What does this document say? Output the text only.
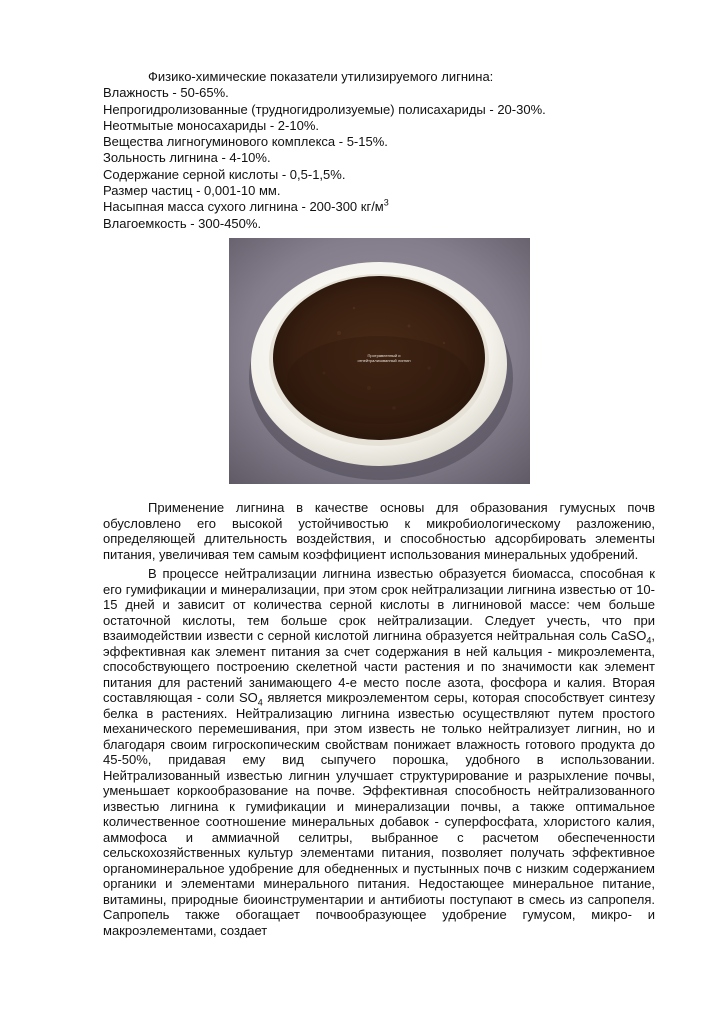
Физико-химические показатели утилизируемого лигнина:
Влажность - 50-65%.
Непрогидролизованные (трудногидролизуемые) полисахариды - 20-30%.
Неотмытые моносахариды - 2-10%.
Вещества лигногуминового комплекса - 5-15%.
Зольность лигнина - 4-10%.
Содержание серной кислоты - 0,5-1,5%.
Размер частиц - 0,001-10 мм.
Насыпная масса сухого лигнина - 200-300 $кг/м^3$
Влагоемкость - 300-450%.
Протравленный и отнейтрализованный лигнин

Применение лигнина в качестве основы для образования гумусных почв обусловлено его высокой устойчивостью к микробиологическому разложению, определяющей длительность воздействия, и способностью адсорбировать элементы питания, увеличивая тем самым коэффициент использования минеральных удобрений.

В процессе нейтрализации лигнина известью образуется биомасса, способная к его гумификации и минерализации, при этом срок нейтрализации лигнина известью от 10-15 дней и зависит от количества серной кислоты в лигниновой массе: чем больше остаточной кислоты, тем больше срок нейтрализации. Следует учесть, что при взаимодействии извести с серной кислотой лигнина образуется нейтральная соль CaSO$_4$, эффективная как элемент питания за счет содержания в ней кальция - микроэлемента, способствующего построению скелетной части растения и по значимости как элемент питания для растений занимающего 4-е место после азота, фосфора и калия. Вторая составляющая - соли $SO_4$ является микроэлементом серы, которая способствует синтезу белка в растениях. Нейтрализацию лигнина известью осуществляют путем простого механического перемешивания, при этом известь не только нейтрализует лигнин, но и благодаря своим гигроскопическим свойствам понижает влажность готового продукта до 45-50%, придавая ему вид сыпучего порошка, удобного в использовании. Нейтрализованный известью лигнин улучшает структурирование и разрыхление почвы, уменьшает коркообразование на почве. Эффективная способность нейтрализованного известью лигнина к гумификации и минерализации почвы, а также оптимальное количественное соотношение минеральных добавок - суперфосфата, хлористого калия, аммофоса и аммиачной селитры, выбранное с расчетом обеспеченности сельскохозяйственных культур элементами питания, позволяет получать эффективное органоминеральное удобрение для обедненных и пустынных почв с низким содержанием органики и элементами минерального питания. Недостающее минеральное питание, витамины, природные биоинструментарии и антибиоты поступают в смесь из сапропеля. Сапропель также обогащает почвообразующее удобрение гумусом, микро- и макроэлементами, создает
